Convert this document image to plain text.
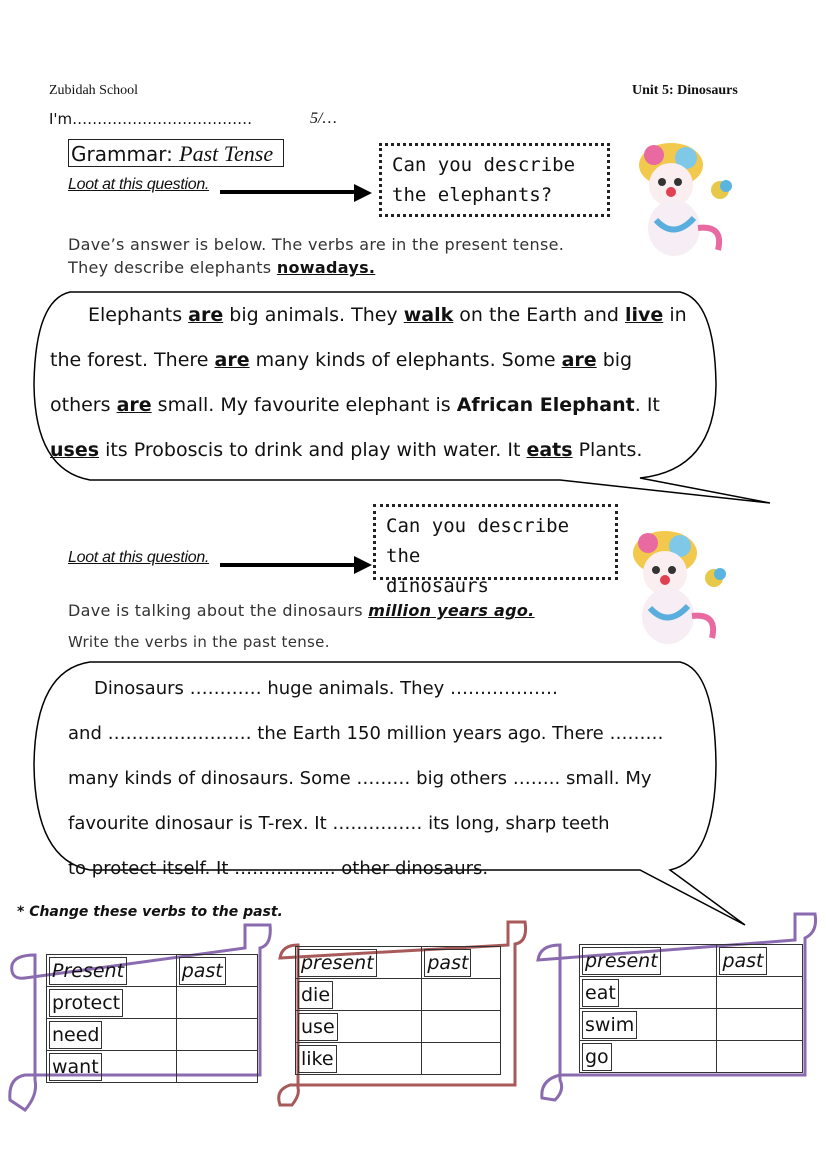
Zubidah School	Unit 5: Dinosaurs
I'm………………………………	5/…
Grammar: Past Tense
Loot at this question.
Can you describe
the elephants?
Dave’s answer is below. The verbs are in the present tense.
They describe elephants nowadays.
Elephants are big animals. They walk on the Earth and live in
the forest. There are many kinds of elephants. Some are big
others are small. My favourite elephant is African Elephant. It
uses its Proboscis to drink and play with water. It eats Plants.
Loot at this question.
Can you describe the
dinosaurs
Dave is talking about the dinosaurs million years ago.
Write the verbs in the past tense.
Dinosaurs ………… huge animals. They ………………
and …………………… the Earth 150 million years ago. There ………
many kinds of dinosaurs. Some ……… big others …….. small. My
favourite dinosaur is T-rex. It …………… its long, sharp teeth
to protect itself. It …………….. other dinosaurs.
* Change these verbs to the past.
Present	past
protect	
need	
want	
present	past
die	
use	
like	
present	past
eat	
swim	
go	
